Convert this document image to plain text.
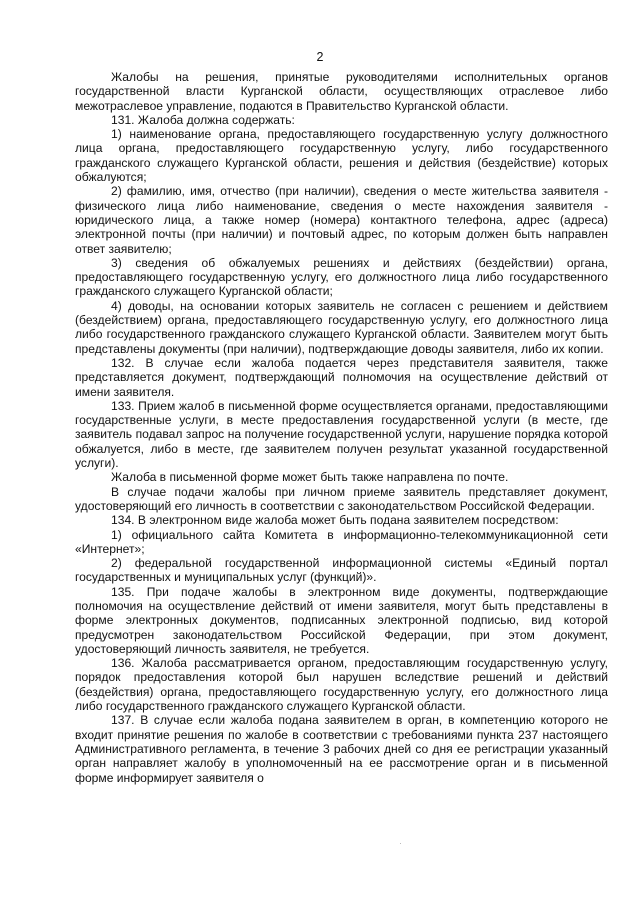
2

Жалобы на решения, принятые руководителями исполнительных органов государственной власти Курганской области, осуществляющих отраслевое либо межотраслевое управление, подаются в Правительство Курганской области.

131. Жалоба должна содержать:

1) наименование органа, предоставляющего государственную услугу должностного лица органа, предоставляющего государственную услугу, либо государственного гражданского служащего Курганской области, решения и действия (бездействие) которых обжалуются;

2) фамилию, имя, отчество (при наличии), сведения о месте жительства заявителя - физического лица либо наименование, сведения о месте нахождения заявителя - юридического лица, а также номер (номера) контактного телефона, адрес (адреса) электронной почты (при наличии) и почтовый адрес, по которым должен быть направлен ответ заявителю;

3) сведения об обжалуемых решениях и действиях (бездействии) органа, предоставляющего государственную услугу, его должностного лица либо государственного гражданского служащего Курганской области;

4) доводы, на основании которых заявитель не согласен с решением и действием (бездействием) органа, предоставляющего государственную услугу, его должностного лица либо государственного гражданского служащего Курганской области. Заявителем могут быть представлены документы (при наличии), подтверждающие доводы заявителя, либо их копии.

132. В случае если жалоба подается через представителя заявителя, также представляется документ, подтверждающий полномочия на осуществление действий от имени заявителя.

133. Прием жалоб в письменной форме осуществляется органами, предоставляющими государственные услуги, в месте предоставления государственной услуги (в месте, где заявитель подавал запрос на получение государственной услуги, нарушение порядка которой обжалуется, либо в месте, где заявителем получен результат указанной государственной услуги).

Жалоба в письменной форме может быть также направлена по почте.

В случае подачи жалобы при личном приеме заявитель представляет документ, удостоверяющий его личность в соответствии с законодательством Российской Федерации.

134. В электронном виде жалоба может быть подана заявителем посредством:

1) официального сайта Комитета в информационно-телекоммуникационной сети «Интернет»;

2) федеральной государственной информационной системы «Единый портал государственных и муниципальных услуг (функций)».

135. При подаче жалобы в электронном виде документы, подтверждающие полномочия на осуществление действий от имени заявителя, могут быть представлены в форме электронных документов, подписанных электронной подписью, вид которой предусмотрен законодательством Российской Федерации, при этом документ, удостоверяющий личность заявителя, не требуется.

136. Жалоба рассматривается органом, предоставляющим государственную услугу, порядок предоставления которой был нарушен вследствие решений и действий (бездействия) органа, предоставляющего государственную услугу, его должностного лица либо государственного гражданского служащего Курганской области.

137. В случае если жалоба подана заявителем в орган, в компетенцию которого не входит принятие решения по жалобе в соответствии с требованиями пункта 237 настоящего Административного регламента, в течение 3 рабочих дней со дня ее регистрации указанный орган направляет жалобу в уполномоченный на ее рассмотрение орган и в письменной форме информирует заявителя о
